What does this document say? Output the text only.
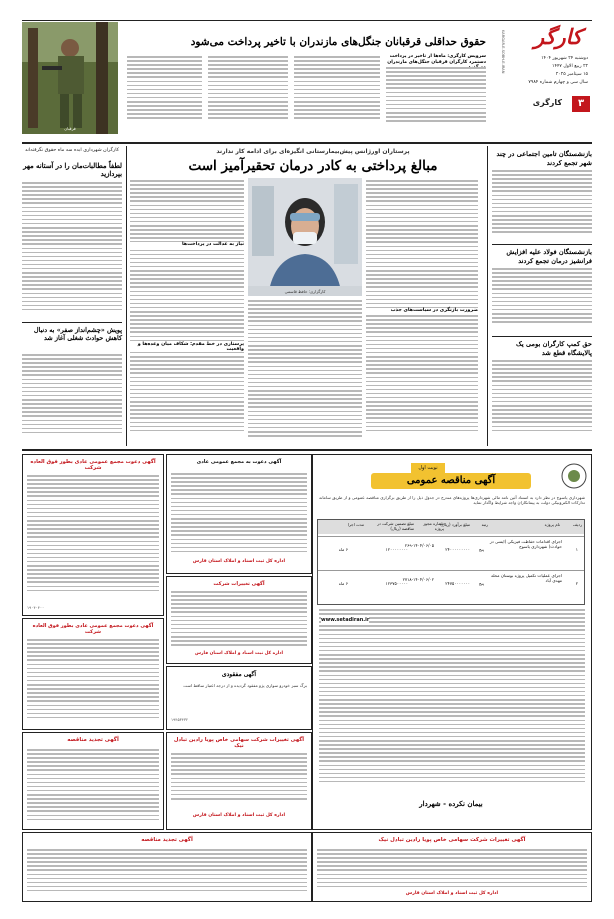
کارگر
دوشنبه ۲۴ شهریور ۱۴۰۴
۲۲ ربیع الاول ۱۴۴۷
۱۵ سپتامبر ۲۰۲۵
سال سی و چهارم شماره ۷۹۸۴
KARGAR-E-SOBH-E-IRAN
۳
کارگری
حقوق حداقلی قرقبانان جنگل‌های مازندران با تاخیر پرداخت می‌شود
سرویس کارگری: ماه‌ها از تاخیر در پرداخت دستمزد کارگران قرقبان جنگل‌های مازندران
قرقبان
بازنشستگان تامین اجتماعی در چند شهر تجمع کردند
بازنشستگان فولاد علیه افزایش فرانشیز درمان تجمع کردند
حق کمپ کارگران بومی یک پالایشگاه قطع شد
پرستاران اورژانس پیش‌بیمارستانی انگیزه‌ای برای ادامه کار ندارند
مبالغ پرداختی به کادر درمان تحقیرآمیز است
کارگزاری: حافظ قاسمی
ضرورت بازنگری در سیاست‌های جذب
نیاز به عدالت در پرداخت‌ها
پرستاری در خط مقدم: شکاف میان وعده‌ها و واقعیت
کارگران شهرداری ابده سه ماه حقوق نگرفته‌اند
لطفاً مطالبات‌مان را در آستانه مهر بپردازید
پویش «چشم‌انداز صفر» به دنبال کاهش حوادث شغلی آغاز شد
نوبت اول
آگهی مناقصه عمومی
شهرداری یاسوج در نظر دارد به استناد آئین نامه مالی شهرداری‌ها پروژه‌های مندرج در جدول ذیل را از طریق برگزاری مناقصه عمومی و از طریق سامانه تدارکات الکترونیکی دولت به پیمانکاران واجد شرایط واگذار نماید
ردیف
نام پروژه
مبلغ برآورد (ریال)
مبلغ تضمین شرکت در مناقصه (ریال)
شماره مجوز پروژه
رتبه
مدت اجرا
۱
اجرای اقدامات حفاظت فیزیکی (ایمنی در حوادث) شهرداری یاسوج
پنج
۲۴۰۰۰۰۰۰۰۰۰
۲۶۹-۱۴۰۴/۰۶/۰۵
۱۲۰۰۰۰۰۰۰۰
۶ ماه
۲
اجرای عملیات تکمیل پروژه بوستان محله مهدی آباد
پنج
۲۴۷۵۰۰۰۰۰۰۰
۲۷۱۸-۱۴۰۴/۰۶/۰۲
۱۲۳۷۵۰۰۰۰۰
۶ ماه
www.setadiran.ir
بیمان نکرده - شهردار
آگهی دعوت مجمع عمومی عادی بطور فوق العاده شرکت
۱۹۰۴۰۴۰۰
آگهی دعوت به مجمع عمومی عادی
اداره کل ثبت اسناد و املاک استان فارس
آگهی تغییرات شرکت
اداره کل ثبت اسناد و املاک استان فارس
آگهی دعوت مجمع عمومی عادی بطور فوق العاده شرکت
آگهی مفقودی
برگ سبز خودرو سواری پژو مفقود گردیده و از درجه اعتبار ساقط است
۱۹۴۵۳۴۳۲
آگهی تجدید مناقصه	آگهی تغییرات شرکت سهامی خاص پویا رادین تبادل نیک
اداره کل ثبت اسناد و املاک استان فارس
آگهی تغییرات شرکت سهامی خاص پویا رادین تبادل نیک
اداره کل ثبت اسناد و املاک استان فارس
آگهی تجدید مناقصه
